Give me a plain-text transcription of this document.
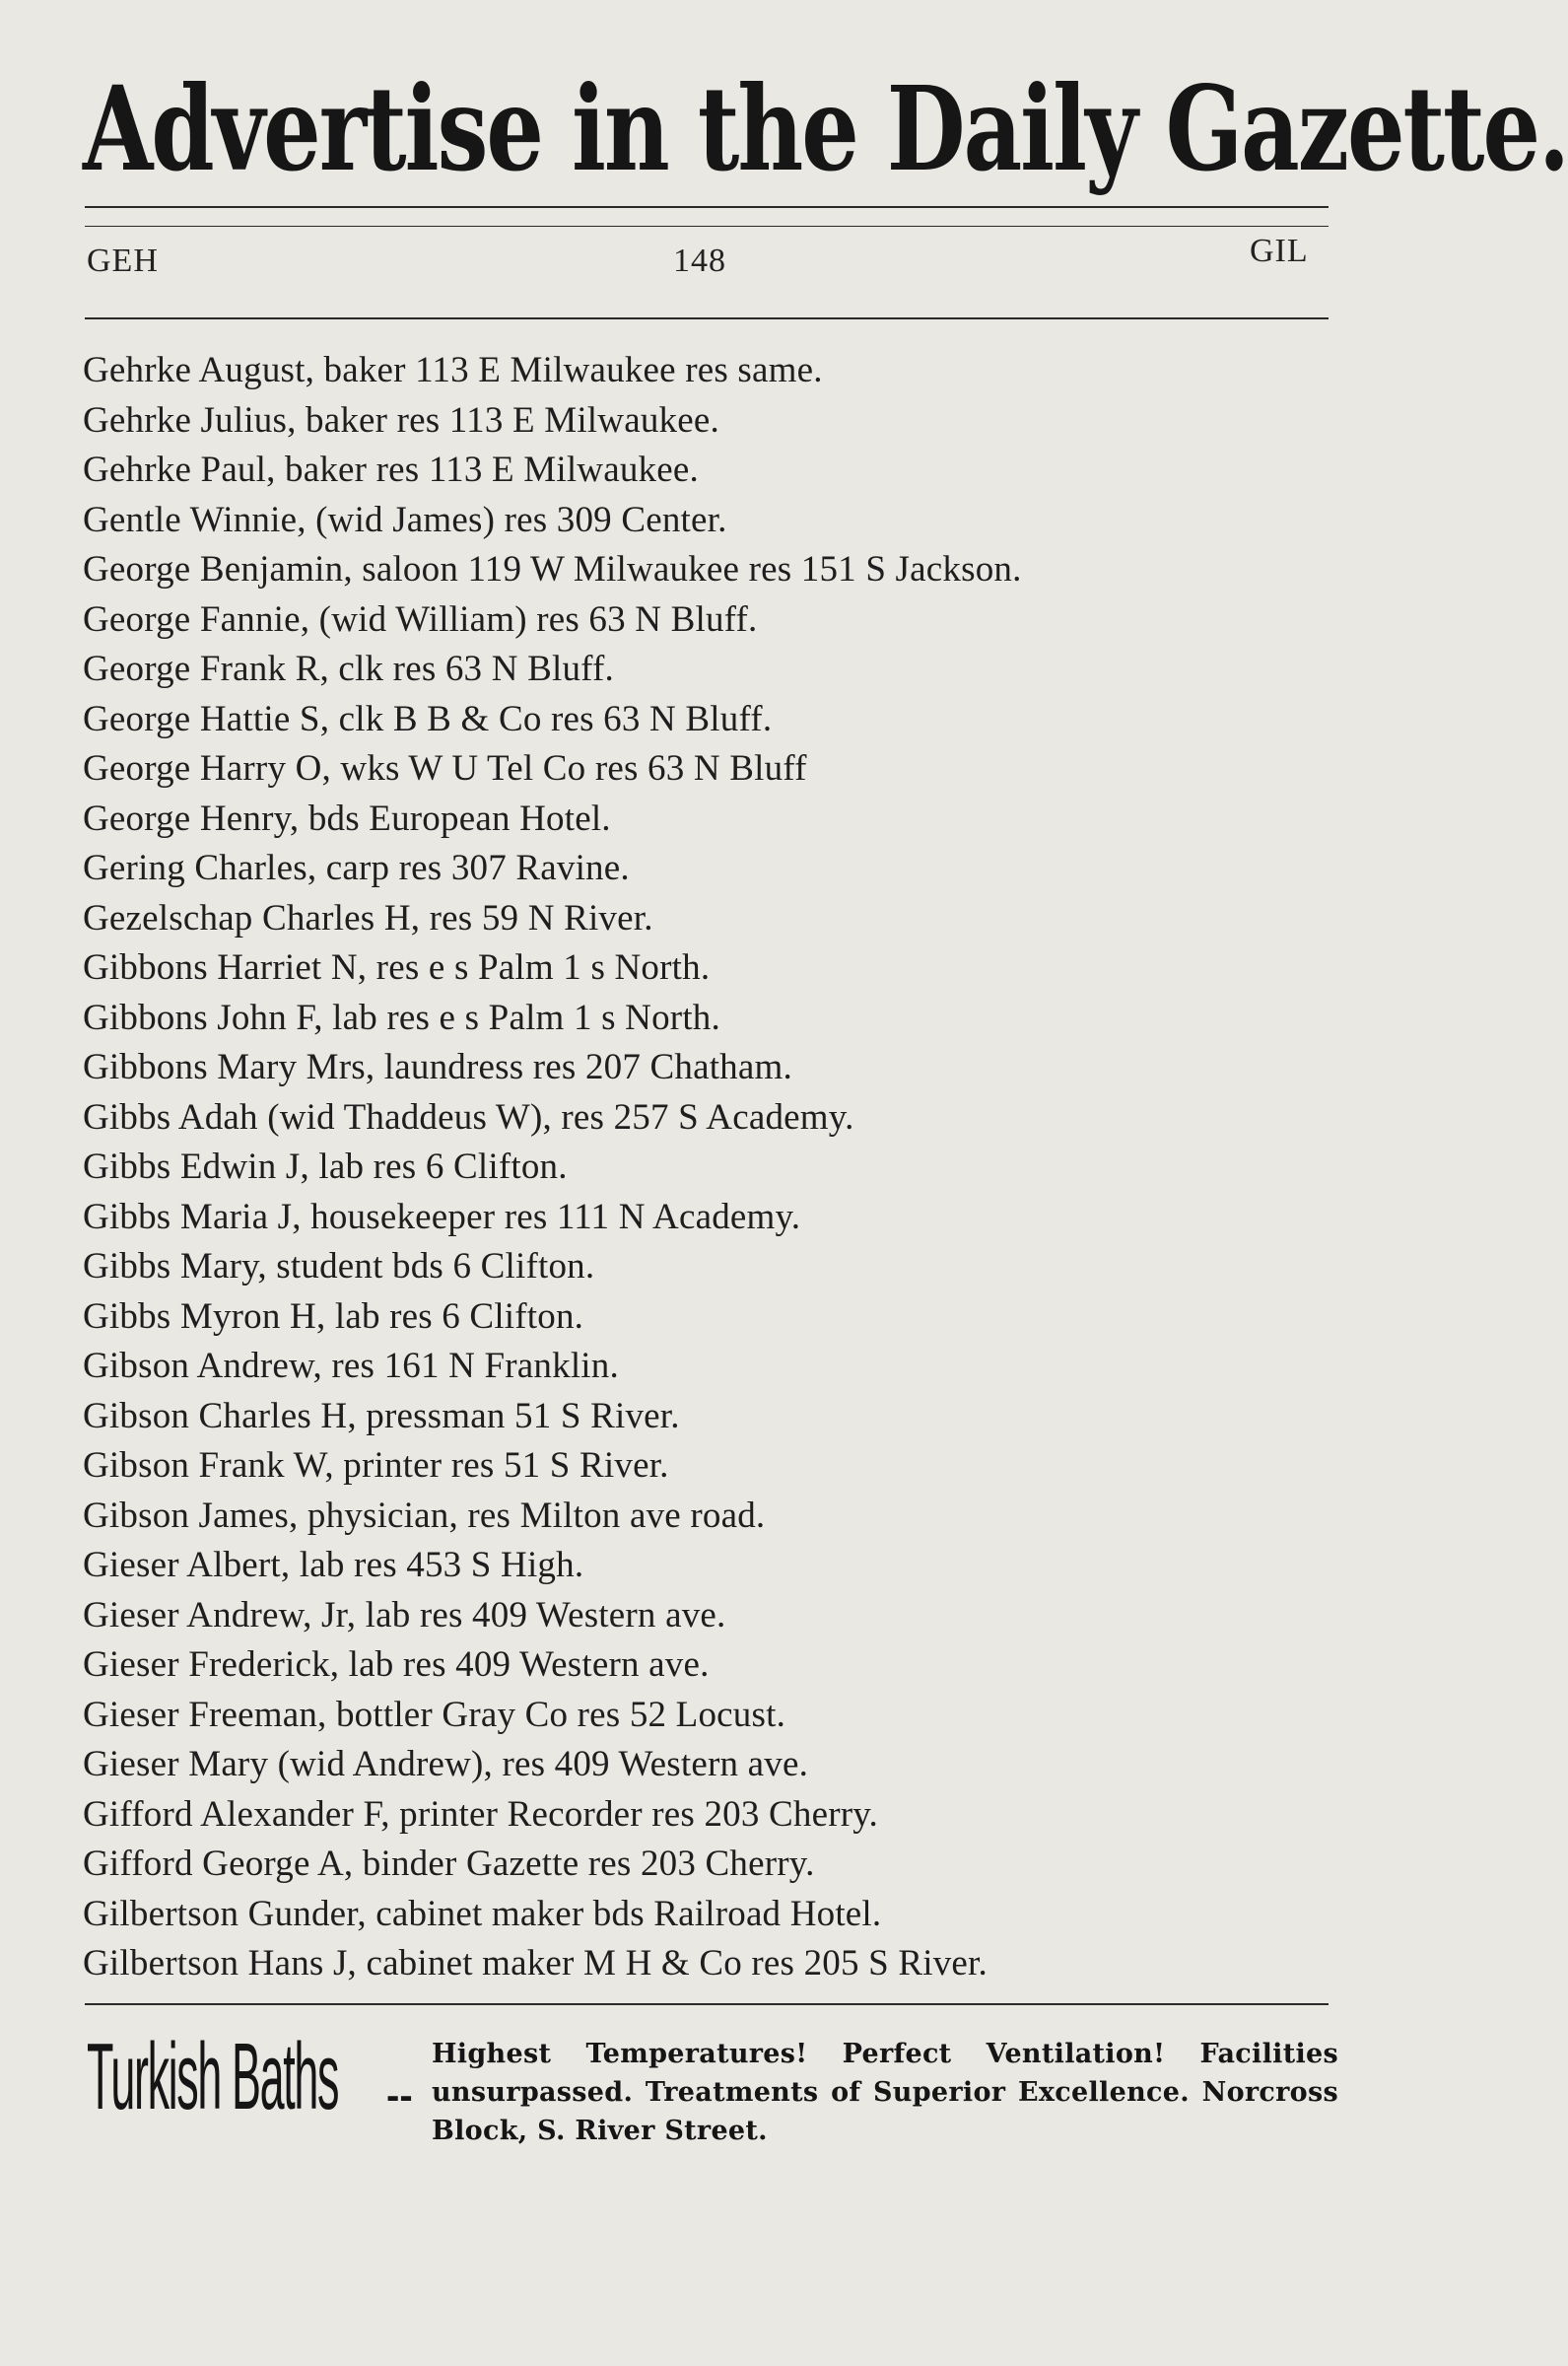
Advertise in the Daily Gazette.
GEH	148	GIL
Gehrke August, baker 113 E Milwaukee res same.
Gehrke Julius, baker res 113 E Milwaukee.
Gehrke Paul, baker res 113 E Milwaukee.
Gentle Winnie, (wid James) res 309 Center.
George Benjamin, saloon 119 W Milwaukee res 151 S Jackson.
George Fannie, (wid William) res 63 N Bluff.
George Frank R, clk res 63 N Bluff.
George Hattie S, clk B B & Co res 63 N Bluff.
George Harry O, wks W U Tel Co res 63 N Bluff
George Henry, bds European Hotel.
Gering Charles, carp res 307 Ravine.
Gezelschap Charles H, res 59 N River.
Gibbons Harriet N, res e s Palm 1 s North.
Gibbons John F, lab res e s Palm 1 s North.
Gibbons Mary Mrs, laundress res 207 Chatham.
Gibbs Adah (wid Thaddeus W), res 257 S Academy.
Gibbs Edwin J, lab res 6 Clifton.
Gibbs Maria J, housekeeper res 111 N Academy.
Gibbs Mary, student bds 6 Clifton.
Gibbs Myron H, lab res 6 Clifton.
Gibson Andrew, res 161 N Franklin.
Gibson Charles H, pressman 51 S River.
Gibson Frank W, printer res 51 S River.
Gibson James, physician, res Milton ave road.
Gieser Albert, lab res 453 S High.
Gieser Andrew, Jr, lab res 409 Western ave.
Gieser Frederick, lab res 409 Western ave.
Gieser Freeman, bottler Gray Co res 52 Locust.
Gieser Mary (wid Andrew), res 409 Western ave.
Gifford Alexander F, printer Recorder res 203 Cherry.
Gifford George A, binder Gazette res 203 Cherry.
Gilbertson Gunder, cabinet maker bds Railroad Hotel.
Gilbertson Hans J, cabinet maker M H & Co res 205 S River.
Turkish Baths --
Highest Temperatures! Perfect Ventilation! Facilities unsurpassed. Treatments of Superior Excellence. Norcross Block, S. River Street.
